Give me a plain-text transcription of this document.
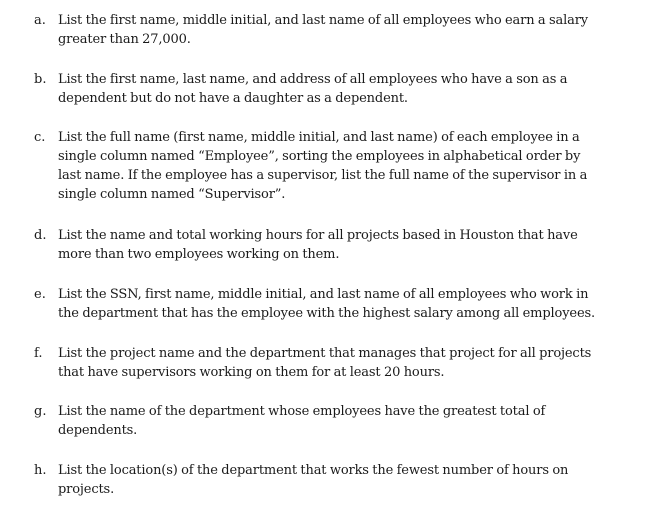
a. List the first name, middle initial, and last name of all employees who earn a salary
greater than 27,000.
b. List the first name, last name, and address of all employees who have a son as a
dependent but do not have a daughter as a dependent.
c. List the full name (first name, middle initial, and last name) of each employee in a
single column named “Employee”, sorting the employees in alphabetical order by
last name. If the employee has a supervisor, list the full name of the supervisor in a
single column named “Supervisor”.
d. List the name and total working hours for all projects based in Houston that have
more than two employees working on them.
e. List the SSN, first name, middle initial, and last name of all employees who work in
the department that has the employee with the highest salary among all employees.
f.	List the project name and the department that manages that project for all projects
that have supervisors working on them for at least 20 hours.
g. List the name of the department whose employees have the greatest total of
dependents.
h. List the location(s) of the department that works the fewest number of hours on
projects.
